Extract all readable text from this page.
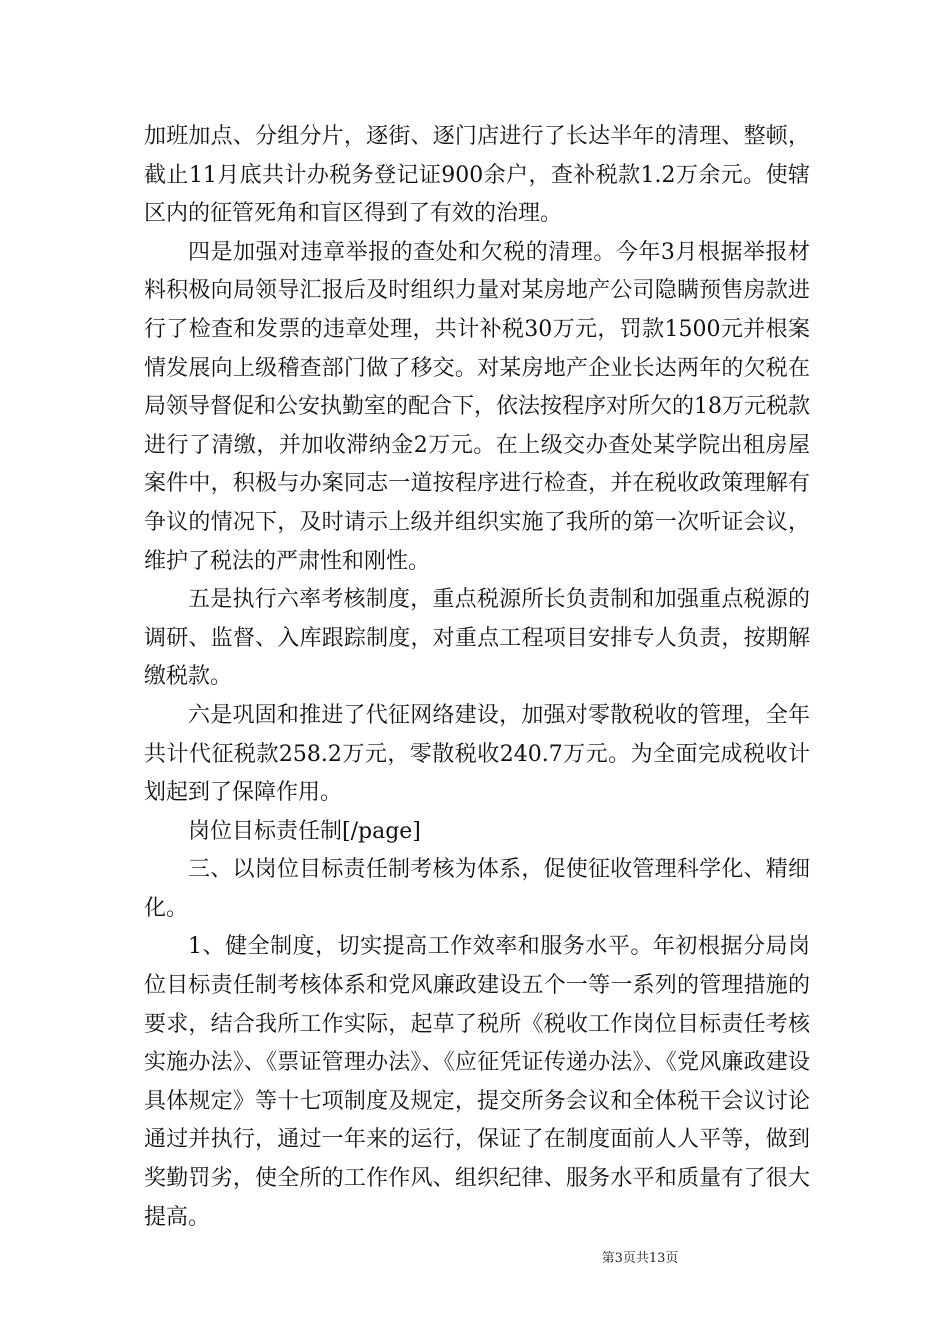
加班加点、分组分片，逐街、逐门店进行了长达半年的清理、整顿，截止11月底共计办税务登记证900余户，查补税款1.2万余元。使辖区内的征管死角和盲区得到了有效的治理。

四是加强对违章举报的查处和欠税的清理。今年3月根据举报材料积极向局领导汇报后及时组织力量对某房地产公司隐瞒预售房款进行了检查和发票的违章处理，共计补税30万元，罚款1500元并根案情发展向上级稽查部门做了移交。对某房地产企业长达两年的欠税在局领导督促和公安执勤室的配合下，依法按程序对所欠的18万元税款进行了清缴，并加收滞纳金2万元。在上级交办查处某学院出租房屋案件中，积极与办案同志一道按程序进行检查，并在税收政策理解有争议的情况下，及时请示上级并组织实施了我所的第一次听证会议，维护了税法的严肃性和刚性。

五是执行六率考核制度，重点税源所长负责制和加强重点税源的调研、监督、入库跟踪制度，对重点工程项目安排专人负责，按期解缴税款。

六是巩固和推进了代征网络建设，加强对零散税收的管理，全年共计代征税款258.2万元，零散税收240.7万元。为全面完成税收计划起到了保障作用。

岗位目标责任制[/page]

三、以岗位目标责任制考核为体系，促使征收管理科学化、精细化。

1、健全制度，切实提高工作效率和服务水平。年初根据分局岗位目标责任制考核体系和党风廉政建设五个一等一系列的管理措施的要求，结合我所工作实际，起草了税所《税收工作岗位目标责任考核实施办法》、《票证管理办法》、《应征凭证传递办法》、《党风廉政建设具体规定》等十七项制度及规定，提交所务会议和全体税干会议讨论通过并执行，通过一年来的运行，保证了在制度面前人人平等，做到奖勤罚劣，使全所的工作作风、组织纪律、服务水平和质量有了很大提高。

第3页共13页
